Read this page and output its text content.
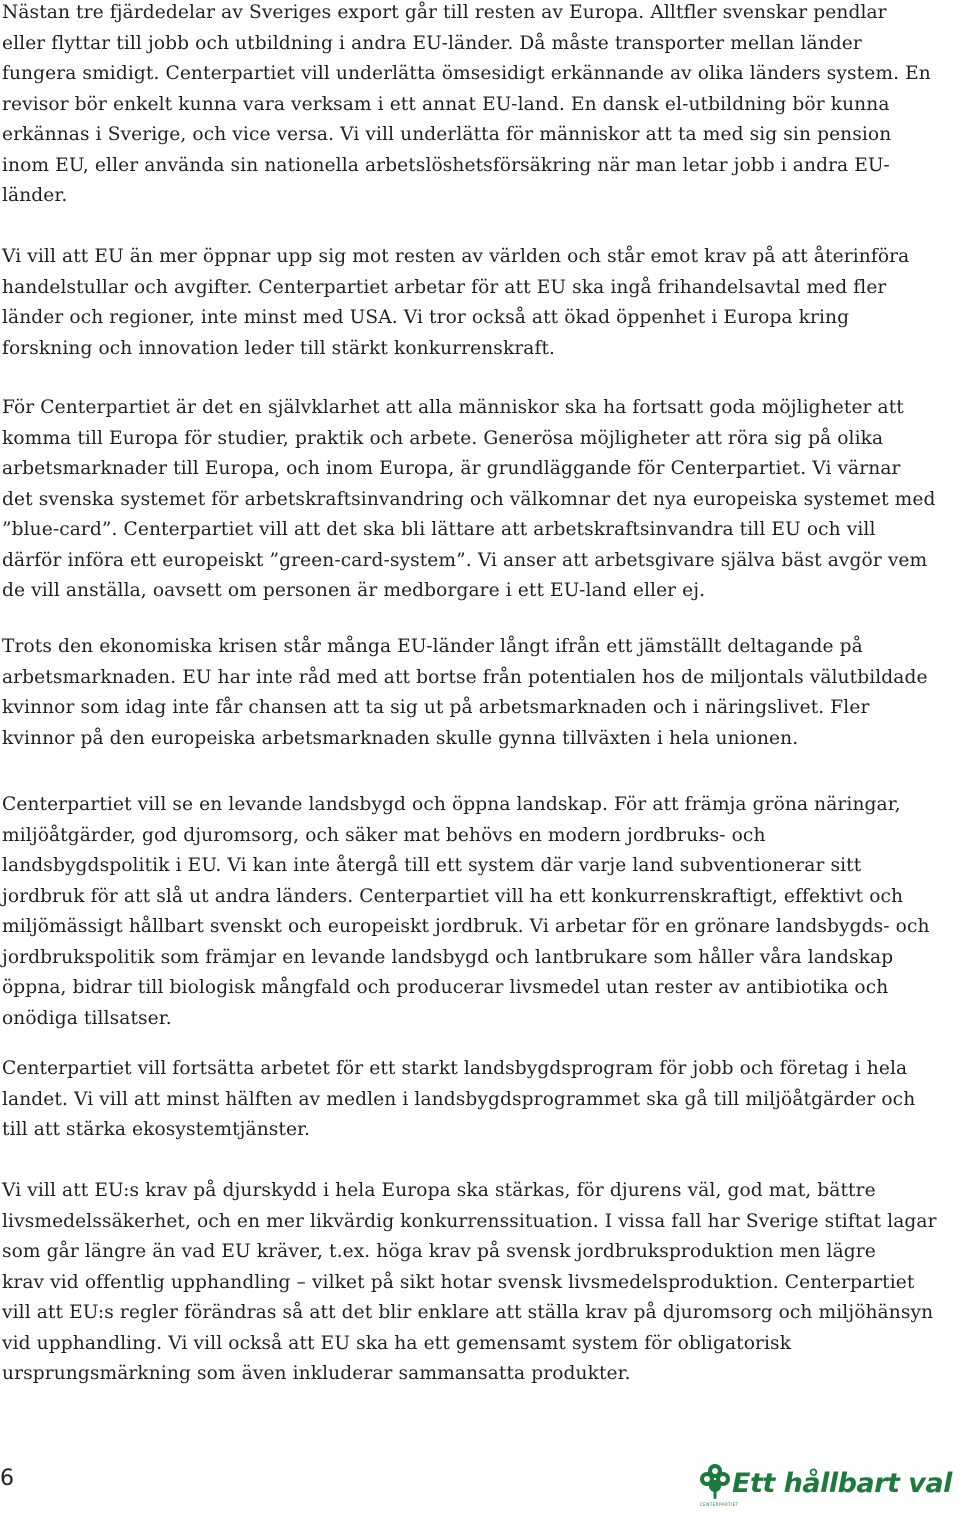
Nästan tre fjärdedelar av Sveriges export går till resten av Europa. Alltfler svenskar pendlar
eller flyttar till jobb och utbildning i andra EU-länder. Då måste transporter mellan länder
fungera smidigt. Centerpartiet vill underlätta ömsesidigt erkännande av olika länders system. En
revisor bör enkelt kunna vara verksam i ett annat EU-land. En dansk el-utbildning bör kunna
erkännas i Sverige, och vice versa. Vi vill underlätta för människor att ta med sig sin pension
inom EU, eller använda sin nationella arbetslöshetsförsäkring när man letar jobb i andra EU-
länder.

Vi vill att EU än mer öppnar upp sig mot resten av världen och står emot krav på att återinföra
handelstullar och avgifter. Centerpartiet arbetar för att EU ska ingå frihandelsavtal med fler
länder och regioner, inte minst med USA. Vi tror också att ökad öppenhet i Europa kring
forskning och innovation leder till stärkt konkurrenskraft.

För Centerpartiet är det en självklarhet att alla människor ska ha fortsatt goda möjligheter att
komma till Europa för studier, praktik och arbete. Generösa möjligheter att röra sig på olika
arbetsmarknader till Europa, och inom Europa, är grundläggande för Centerpartiet. Vi värnar
det svenska systemet för arbetskraftsinvandring och välkomnar det nya europeiska systemet med
”blue-card”. Centerpartiet vill att det ska bli lättare att arbetskraftsinvandra till EU och vill
därför införa ett europeiskt ”green-card-system”. Vi anser att arbetsgivare själva bäst avgör vem
de vill anställa, oavsett om personen är medborgare i ett EU-land eller ej.

Trots den ekonomiska krisen står många EU-länder långt ifrån ett jämställt deltagande på
arbetsmarknaden. EU har inte råd med att bortse från potentialen hos de miljontals välutbildade
kvinnor som idag inte får chansen att ta sig ut på arbetsmarknaden och i näringslivet. Fler
kvinnor på den europeiska arbetsmarknaden skulle gynna tillväxten i hela unionen.

Centerpartiet vill se en levande landsbygd och öppna landskap. För att främja gröna näringar,
miljöåtgärder, god djuromsorg, och säker mat behövs en modern jordbruks- och
landsbygdspolitik i EU. Vi kan inte återgå till ett system där varje land subventionerar sitt
jordbruk för att slå ut andra länders. Centerpartiet vill ha ett konkurrenskraftigt, effektivt och
miljömässigt hållbart svenskt och europeiskt jordbruk. Vi arbetar för en grönare landsbygds- och
jordbrukspolitik som främjar en levande landsbygd och lantbrukare som håller våra landskap
öppna, bidrar till biologisk mångfald och producerar livsmedel utan rester av antibiotika och
onödiga tillsatser.

Centerpartiet vill fortsätta arbetet för ett starkt landsbygdsprogram för jobb och företag i hela
landet. Vi vill att minst hälften av medlen i landsbygdsprogrammet ska gå till miljöåtgärder och
till att stärka ekosystemtjänster.

Vi vill att EU:s krav på djurskydd i hela Europa ska stärkas, för djurens väl, god mat, bättre
livsmedelssäkerhet, och en mer likvärdig konkurrenssituation. I vissa fall har Sverige stiftat lagar
som går längre än vad EU kräver, t.ex. höga krav på svensk jordbruksproduktion men lägre
krav vid offentlig upphandling – vilket på sikt hotar svensk livsmedelsproduktion. Centerpartiet
vill att EU:s regler förändras så att det blir enklare att ställa krav på djuromsorg och miljöhänsyn
vid upphandling. Vi vill också att EU ska ha ett gemensamt system för obligatorisk
ursprungsmärkning som även inkluderar sammansatta produkter.

6	Ett hållbart val
CENTERPARTIET
